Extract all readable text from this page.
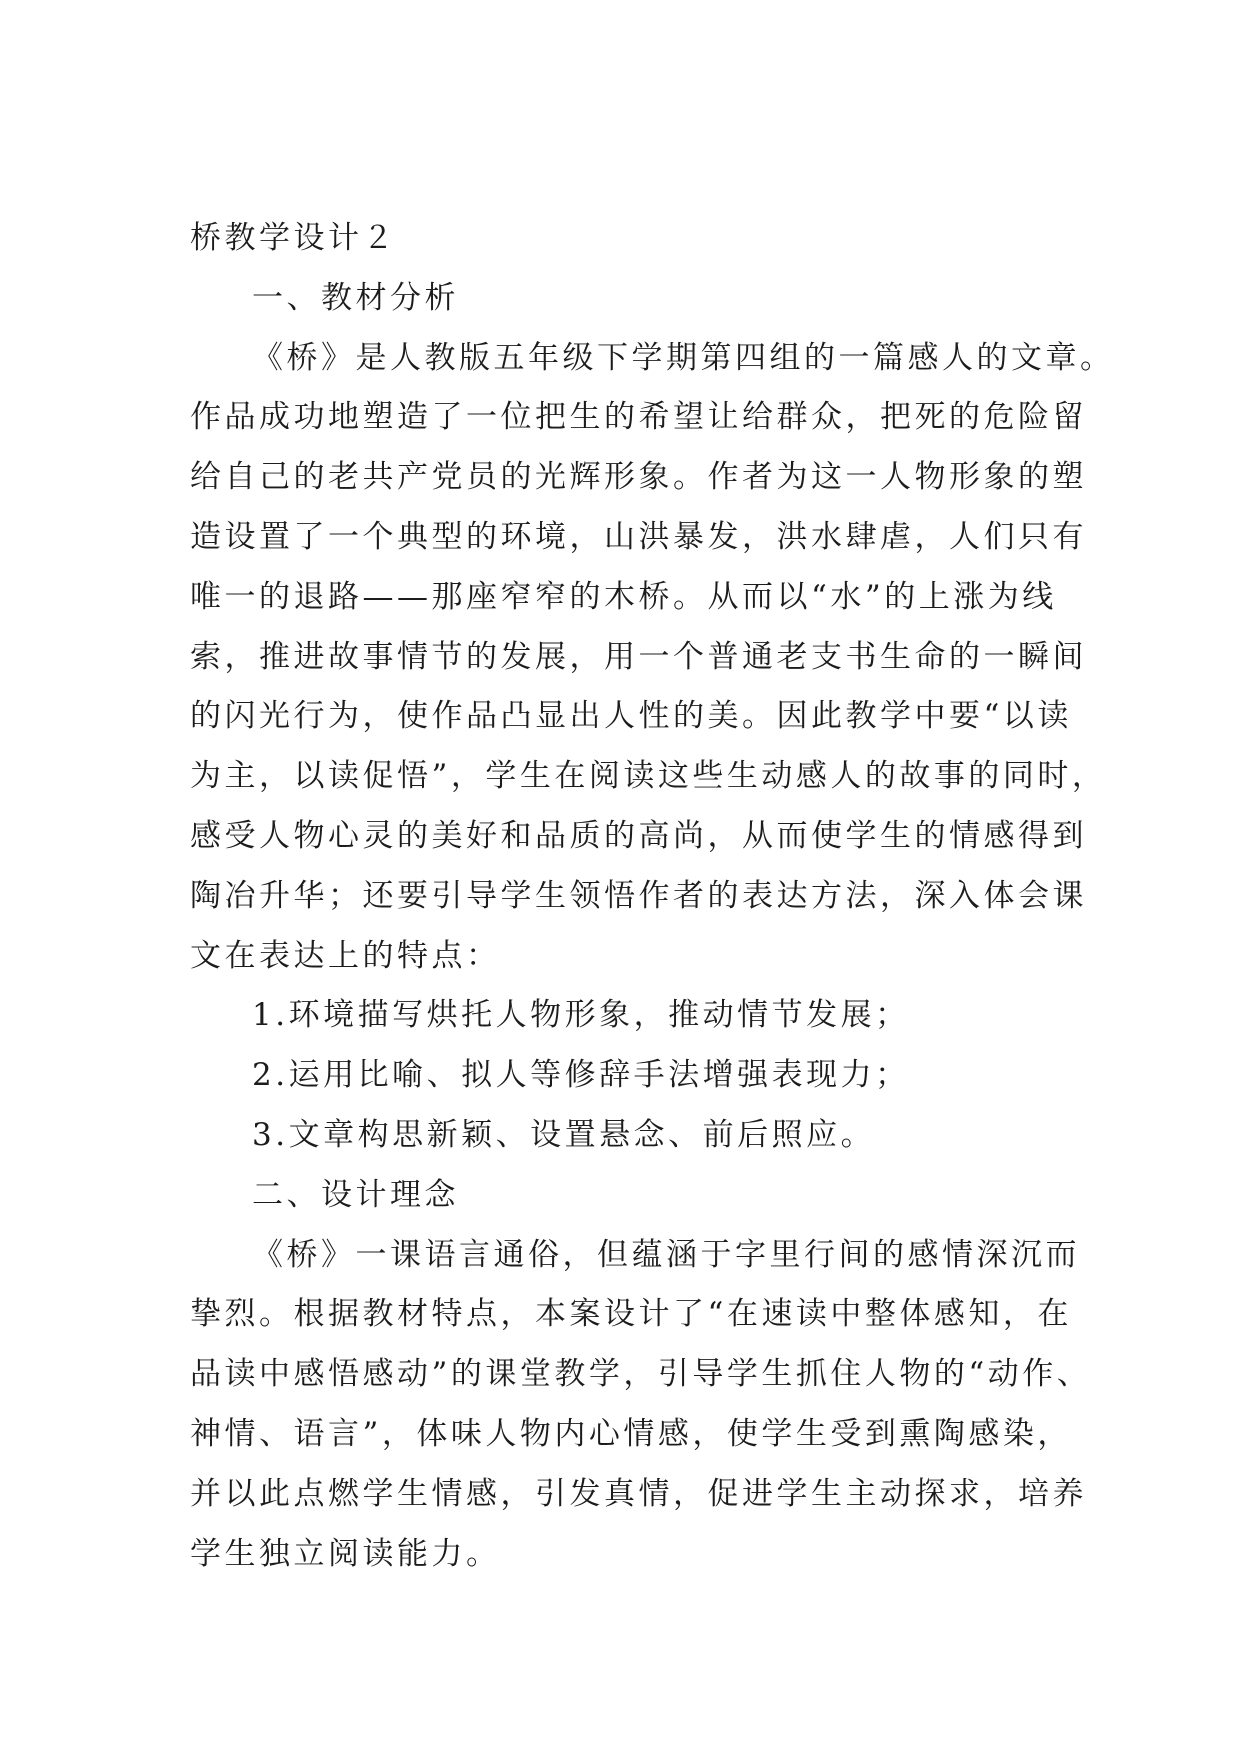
桥教学设计２
一、教材分析
《桥》是人教版五年级下学期第四组的一篇感人的文章。
作品成功地塑造了一位把生的希望让给群众，把死的危险留
给自己的老共产党员的光辉形象。作者为这一人物形象的塑
造设置了一个典型的环境，山洪暴发，洪水肆虐，人们只有
唯一的退路——那座窄窄的木桥。从而以“水”的上涨为线
索，推进故事情节的发展，用一个普通老支书生命的一瞬间
的闪光行为，使作品凸显出人性的美。因此教学中要“以读
为主，以读促悟”，学生在阅读这些生动感人的故事的同时，
感受人物心灵的美好和品质的高尚，从而使学生的情感得到
陶冶升华；还要引导学生领悟作者的表达方法，深入体会课
文在表达上的特点：
1.环境描写烘托人物形象，推动情节发展；
2.运用比喻、拟人等修辞手法增强表现力；
3.文章构思新颖、设置悬念、前后照应。
二、设计理念
《桥》一课语言通俗，但蕴涵于字里行间的感情深沉而
挚烈。根据教材特点，本案设计了“在速读中整体感知，在
品读中感悟感动”的课堂教学，引导学生抓住人物的“动作、
神情、语言”，体味人物内心情感，使学生受到熏陶感染，
并以此点燃学生情感，引发真情，促进学生主动探求，培养
学生独立阅读能力。
